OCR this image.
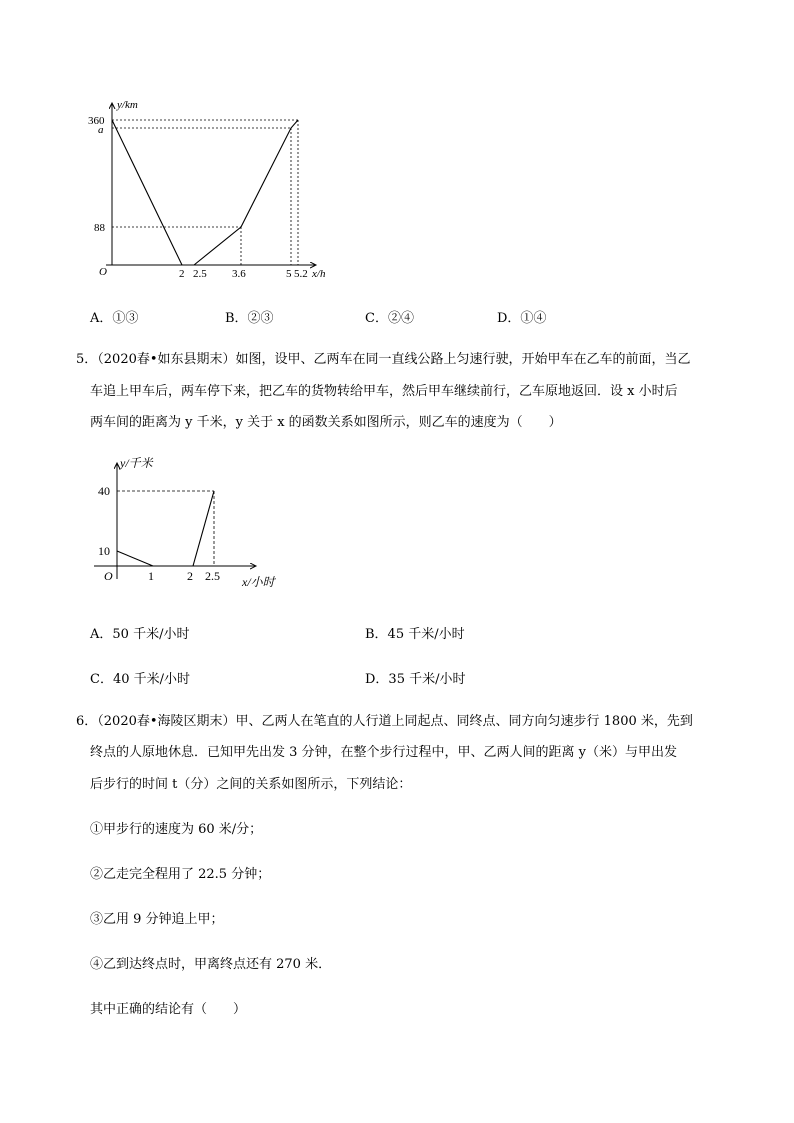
y/km
360
a
88
O	2 2.5 3.6	5 5.2 x/h
A．①③	B．②③	C．②④	D．①④
5．（2020春•如东县期末）如图，设甲、乙两车在同一直线公路上匀速行驶，开始甲车在乙车的前面，当乙
车追上甲车后，两车停下来，把乙车的货物转给甲车，然后甲车继续前行，乙车原地返回．设 x 小时后
两车间的距离为 y 千米，y 关于 x 的函数关系如图所示，则乙车的速度为（　　）
y/千米
40
10
O	1	2 2.5 x/小时
A．50 千米/小时	B．45 千米/小时
C．40 千米/小时	D．35 千米/小时
6．（2020春•海陵区期末）甲、乙两人在笔直的人行道上同起点、同终点、同方向匀速步行 1800 米，先到
终点的人原地休息．已知甲先出发 3 分钟，在整个步行过程中，甲、乙两人间的距离 y（米）与甲出发
后步行的时间 t（分）之间的关系如图所示，下列结论：
①甲步行的速度为 60 米/分；
②乙走完全程用了 22.5 分钟；
③乙用 9 分钟追上甲；
④乙到达终点时，甲离终点还有 270 米．
其中正确的结论有（　　）
